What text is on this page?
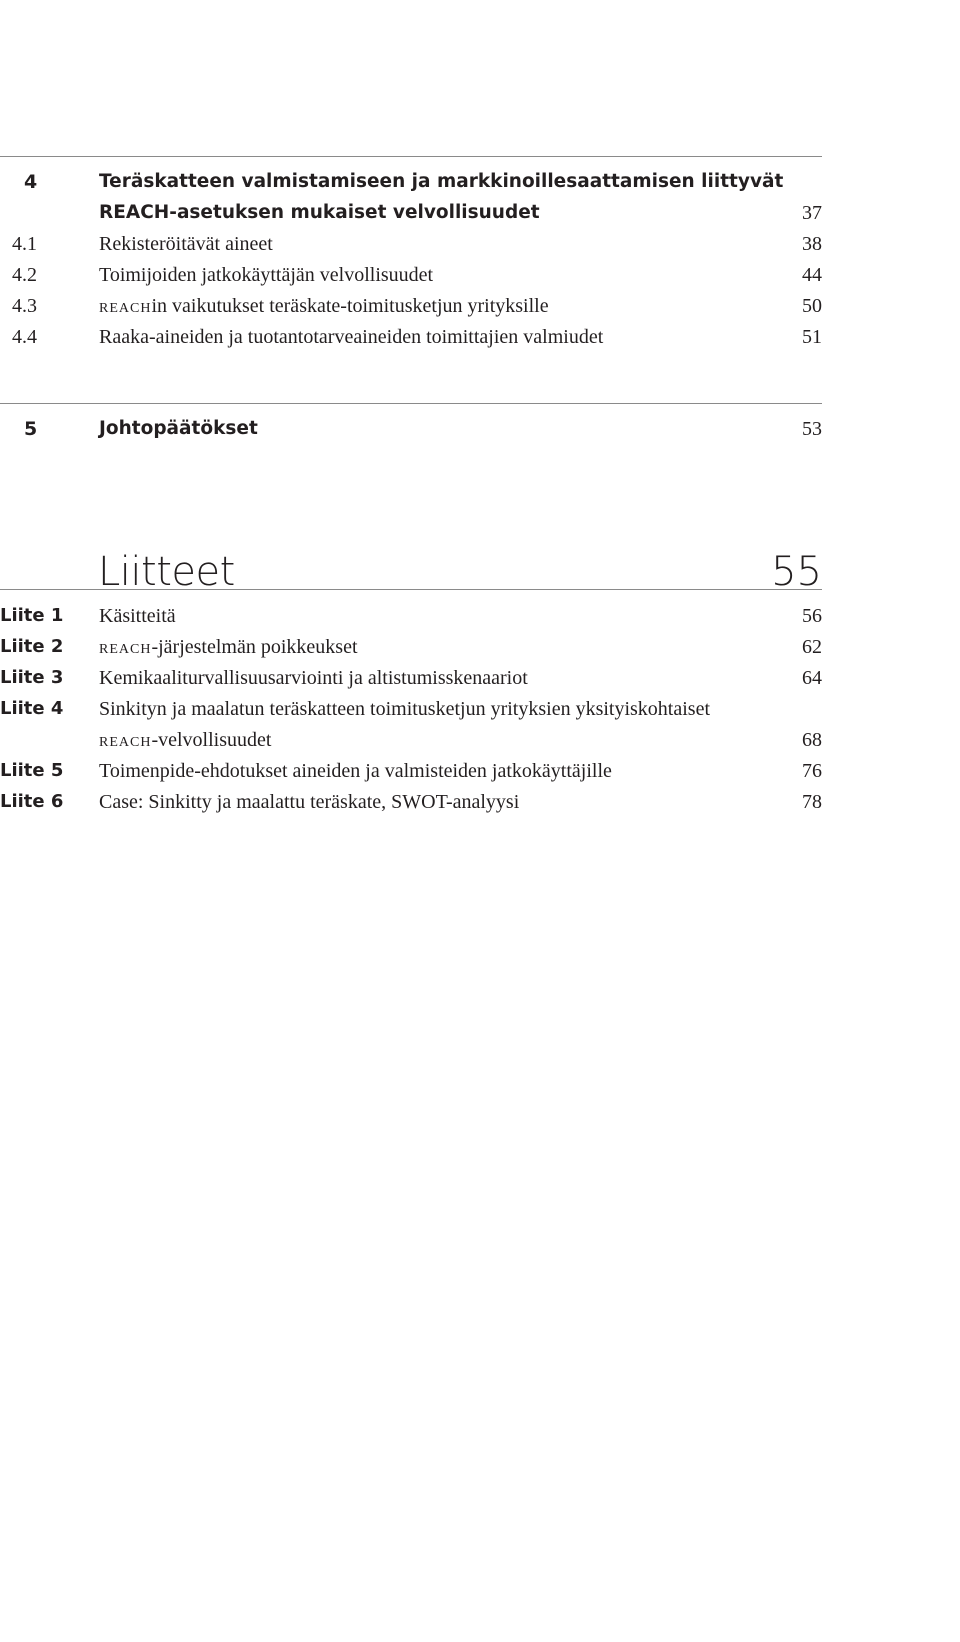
4	Teräskatteen valmistamiseen ja markkinoillesaattamisen liittyvät
REACH-asetuksen mukaiset velvollisuudet	37
4.1	Rekisteröitävät aineet	38
4.2	Toimijoiden jatkokäyttäjän velvollisuudet	44
4.3	reachin vaikutukset teräskate-toimitusketjun yrityksille	50
4.4	Raaka-aineiden ja tuotantotarveaineiden toimittajien valmiudet	51
5	Johtopäätökset	53
Liitteet	55
Liite 1 Käsitteitä	56
Liite 2 reach-järjestelmän poikkeukset	62
Liite 3 Kemikaaliturvallisuusarviointi ja altistumisskenaariot	64
Liite 4 Sinkityn ja maalatun teräskatteen toimitusketjun yrityksien yksityiskohtaiset
reach-velvollisuudet	68
Liite 5 Toimenpide-ehdotukset aineiden ja valmisteiden jatkokäyttäjille	76
Liite 6 Case: Sinkitty ja maalattu teräskate, SWOT-analyysi	78
